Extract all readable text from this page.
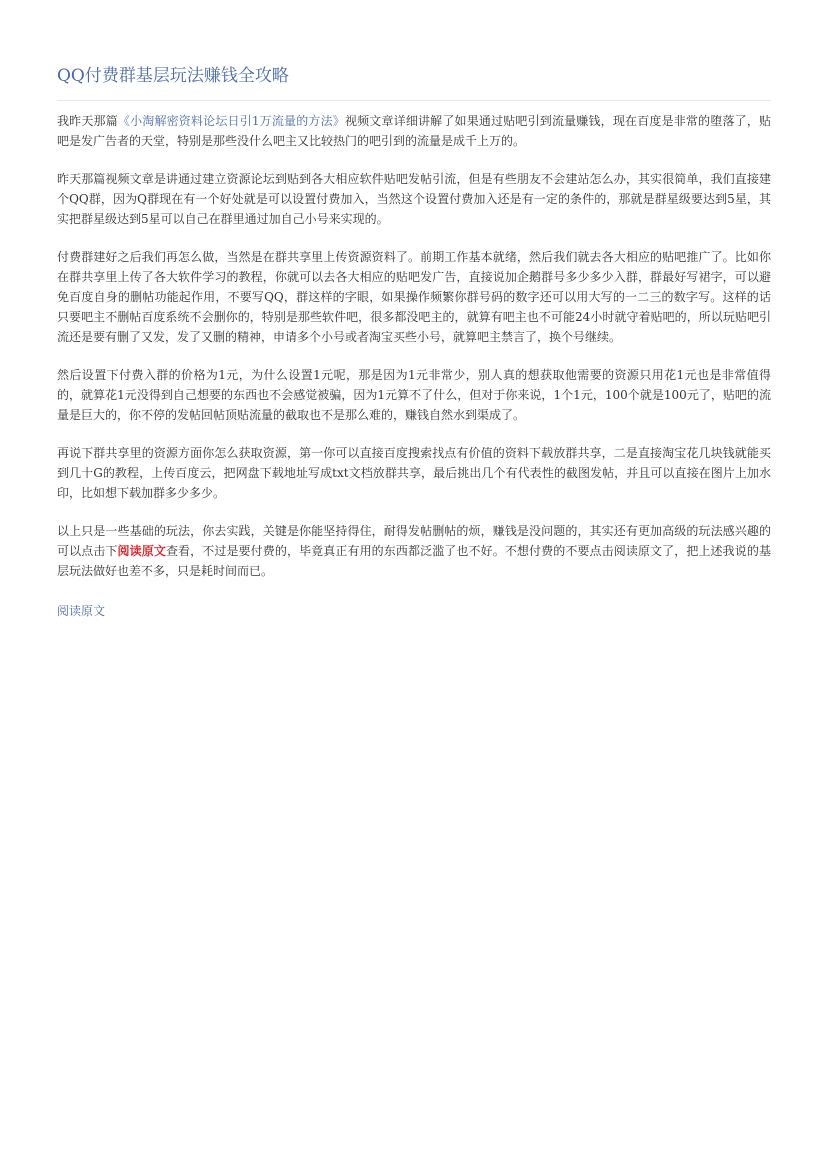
QQ付费群基层玩法赚钱全攻略

我昨天那篇《小淘解密资料论坛日引1万流量的方法》视频文章详细讲解了如果通过贴吧引到流量赚钱，现在百度是非常的堕落了，贴吧是发广告者的天堂，特别是那些没什么吧主又比较热门的吧引到的流量是成千上万的。

昨天那篇视频文章是讲通过建立资源论坛到贴到各大相应软件贴吧发帖引流，但是有些朋友不会建站怎么办，其实很简单，我们直接建个QQ群，因为Q群现在有一个好处就是可以设置付费加入，当然这个设置付费加入还是有一定的条件的，那就是群星级要达到5星，其实把群星级达到5星可以自己在群里通过加自己小号来实现的。

付费群建好之后我们再怎么做，当然是在群共享里上传资源资料了。前期工作基本就绪，然后我们就去各大相应的贴吧推广了。比如你在群共享里上传了各大软件学习的教程，你就可以去各大相应的贴吧发广告，直接说加企鹅群号多少多少入群，群最好写裙字，可以避免百度自身的删帖功能起作用，不要写QQ，群这样的字眼，如果操作频繁你群号码的数字还可以用大写的一二三的数字写。这样的话只要吧主不删帖百度系统不会删你的，特别是那些软件吧，很多都没吧主的，就算有吧主也不可能24小时就守着贴吧的，所以玩贴吧引流还是要有删了又发，发了又删的精神，申请多个小号或者淘宝买些小号，就算吧主禁言了，换个号继续。

然后设置下付费入群的价格为1元，为什么设置1元呢，那是因为1元非常少，别人真的想获取他需要的资源只用花1元也是非常值得的，就算花1元没得到自己想要的东西也不会感觉被骗，因为1元算不了什么，但对于你来说，1个1元，100个就是100元了，贴吧的流量是巨大的，你不停的发帖回帖顶贴流量的截取也不是那么难的，赚钱自然水到渠成了。

再说下群共享里的资源方面你怎么获取资源，第一你可以直接百度搜索找点有价值的资料下载放群共享，二是直接淘宝花几块钱就能买到几十G的教程，上传百度云，把网盘下载地址写成txt文档放群共享，最后挑出几个有代表性的截图发帖，并且可以直接在图片上加水印，比如想下载加群多少多少。

以上只是一些基础的玩法，你去实践，关键是你能坚持得住，耐得发帖删帖的烦，赚钱是没问题的，其实还有更加高级的玩法感兴趣的可以点击下阅读原文查看，不过是要付费的，毕竟真正有用的东西都泛滥了也不好。不想付费的不要点击阅读原文了，把上述我说的基层玩法做好也差不多，只是耗时间而已。

阅读原文
